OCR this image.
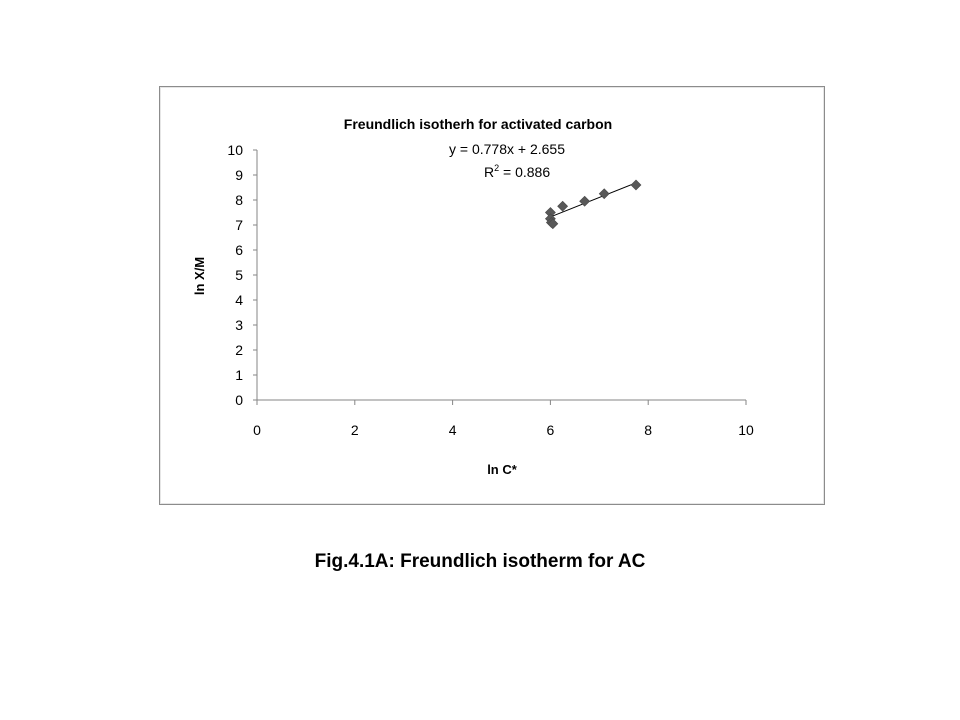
Freundlich isotherh for activated carbon
y = 0.778x + 2.655
$R^2 = 0.886$
0
1
2
3
4
5
6
7
8
9
10
0	2	4	6	8	10
ln C*
ln X/M
Fig.4.1A: Freundlich isotherm for AC
